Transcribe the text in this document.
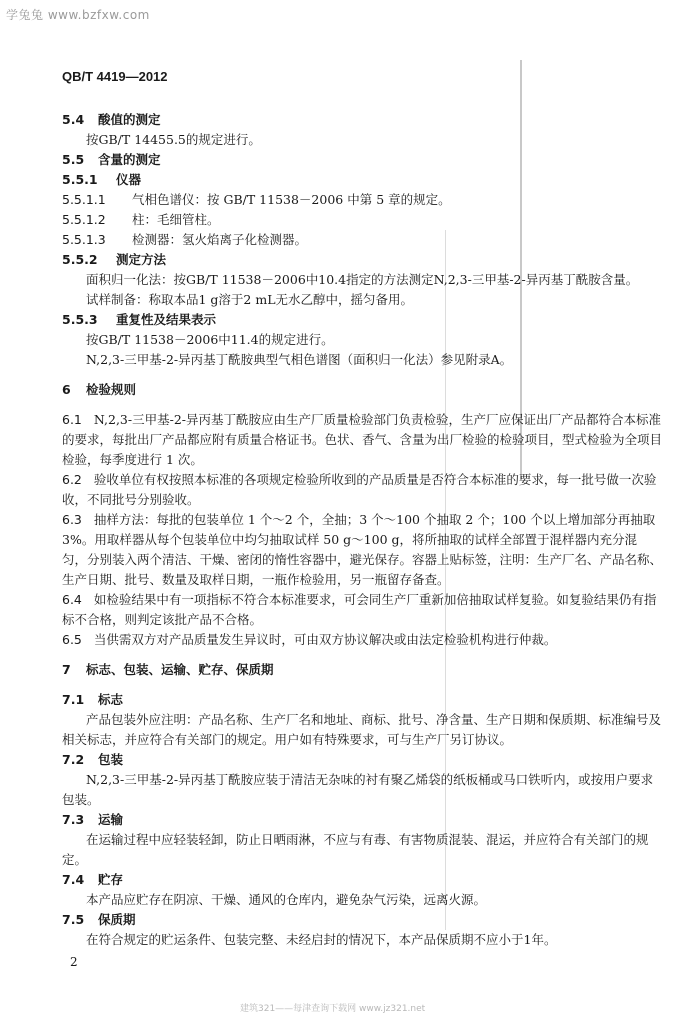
学兔兔 www.bzfxw.com
QB/T 4419—2012
5.4	酸值的测定
按GB/T 14455.5的规定进行。
5.5	含量的测定
5.5.1	仪器
5.5.1.1	气相色谱仪：按 GB/T 11538－2006 中第 5 章的规定。
5.5.1.2	柱：毛细管柱。
5.5.1.3	检测器：氢火焰离子化检测器。
5.5.2	测定方法
面积归一化法：按GB/T 11538－2006中10.4指定的方法测定N,2,3-三甲基-2-异丙基丁酰胺含量。
试样制备：称取本品1 g溶于2 mL无水乙醇中，摇匀备用。
5.5.3	重复性及结果表示
按GB/T 11538－2006中11.4的规定进行。
N,2,3-三甲基-2-异丙基丁酰胺典型气相色谱图（面积归一化法）参见附录A。
6	检验规则
6.1 N,2,3-三甲基-2-异丙基丁酰胺应由生产厂质量检验部门负责检验，生产厂应保证出厂产品都符合本标准的要求，每批出厂产品都应附有质量合格证书。色状、香气、含量为出厂检验的检验项目，型式检验为全项目检验，每季度进行 1 次。
6.2 验收单位有权按照本标准的各项规定检验所收到的产品质量是否符合本标准的要求，每一批号做一次验收，不同批号分别验收。
6.3 抽样方法：每批的包装单位 1 个～2 个，全抽；3 个～100 个抽取 2 个；100 个以上增加部分再抽取 3%。用取样器从每个包装单位中均匀抽取试样 50 g～100 g，将所抽取的试样全部置于混样器内充分混匀，分别装入两个清洁、干燥、密闭的惰性容器中，避光保存。容器上贴标签，注明：生产厂名、产品名称、生产日期、批号、数量及取样日期，一瓶作检验用，另一瓶留存备查。
6.4 如检验结果中有一项指标不符合本标准要求，可会同生产厂重新加倍抽取试样复验。如复验结果仍有指标不合格，则判定该批产品不合格。
6.5 当供需双方对产品质量发生异议时，可由双方协议解决或由法定检验机构进行仲裁。
7	标志、包装、运输、贮存、保质期
7.1	标志
产品包装外应注明：产品名称、生产厂名和地址、商标、批号、净含量、生产日期和保质期、标准编号及相关标志，并应符合有关部门的规定。用户如有特殊要求，可与生产厂另订协议。
7.2	包装
N,2,3-三甲基-2-异丙基丁酰胺应装于清洁无杂味的衬有聚乙烯袋的纸板桶或马口铁听内，或按用户要求包装。
7.3	运输
在运输过程中应轻装轻卸，防止日晒雨淋，不应与有毒、有害物质混装、混运，并应符合有关部门的规定。
7.4	贮存
本产品应贮存在阴凉、干燥、通风的仓库内，避免杂气污染，远离火源。
7.5	保质期
在符合规定的贮运条件、包装完整、未经启封的情况下，本产品保质期不应小于1年。
2
建筑321——每津查询下载网 www.jz321.net
